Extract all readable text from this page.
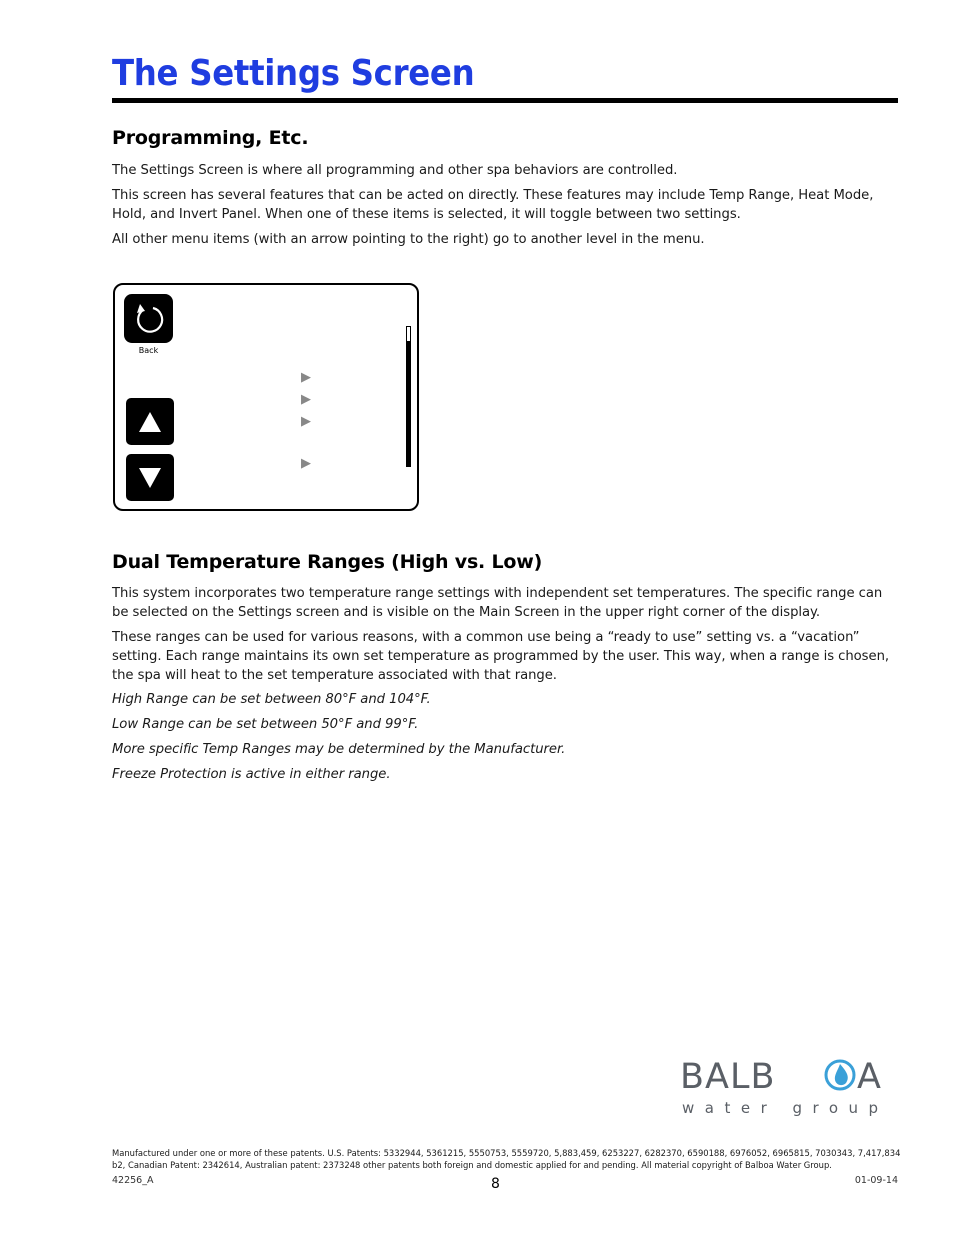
The Settings Screen
Programming, Etc.

The Settings Screen is where all programming and other spa behaviors are controlled.

This screen has several features that can be acted on directly. These features may include Temp Range, Heat Mode, Hold, and Invert Panel. When one of these items is selected, it will toggle between two settings.

All other menu items (with an arrow pointing to the right) go to another level in the menu.

Back
▶
▶
▶
▶
Dual Temperature Ranges (High vs. Low)

This system incorporates two temperature range settings with independent set temperatures. The specific range can be selected on the Settings screen and is visible on the Main Screen in the upper right corner of the display.

These ranges can be used for various reasons, with a common use being a “ready to use” setting vs. a “vacation” setting. Each range maintains its own set temperature as programmed by the user. This way, when a range is chosen, the spa will heat to the set temperature associated with that range.

High Range can be set between 80°F and 104°F.

Low Range can be set between 50°F and 99°F.

More specific Temp Ranges may be determined by the Manufacturer.

Freeze Protection is active in either range.

BALB A
water group

Manufactured under one or more of these patents. U.S. Patents: 5332944, 5361215, 5550753, 5559720, 5,883,459, 6253227, 6282370, 6590188, 6976052, 6965815, 7030343, 7,417,834 b2, Canadian Patent: 2342614, Australian patent: 2373248 other patents both foreign and domestic applied for and pending. All material copyright of Balboa Water Group.

42256_A	8	01-09-14
